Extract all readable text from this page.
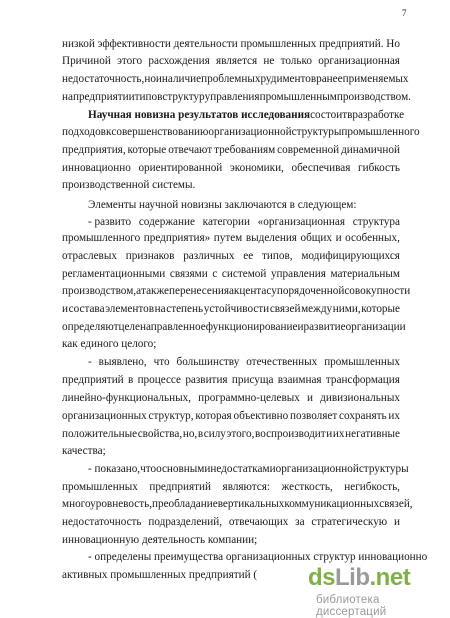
7
низкой эффективности деятельности промышленных предприятий. Но
Причиной этого расхождения является не только организационная
недостаточность, но и наличие проблемных рудиментов ранее применяемых
на предприятии типов структур управления промышленным производством.
Научная новизна результатов исследования состоит в разработке
подходов к совершенствованию организационной структуры промышленного
предприятия, которые отвечают требованиям современной динамичной
инновационно ориентированной экономики, обеспечивая гибкость
производственной системы.
Элементы научной новизны заключаются в следующем:
- развито содержание категории «организационная структура
промышленного предприятия» путем выделения общих и особенных,
отраслевых признаков различных ее типов, модифицирующихся
регламентационными связями с системой управления материальным
производством, а также перенесения акцента с упорядоченной совокупности
и состава элементов на степень устойчивости связей между ними, которые
определяют целенаправленное функционирование и развитие организации
как единого целого;
- выявлено, что большинству отечественных промышленных
предприятий в процессе развития присуща взаимная трансформация
линейно-функциональных, программно-целевых и дивизиональных
организационных структур, которая объективно позволяет сохранять их
положительные свойства, но, в силу этого, воспроизводит и их негативные
качества;
- показано, что основными недостатками организационной структуры
промышленных предприятий являются: жесткость, негибкость,
многоуровневость, преобладание вертикальных коммуникационных связей,
недостаточность подразделений, отвечающих за стратегическую и
инновационную деятельность компании;
- определены преимущества организационных структур инновационно
активных промышленных предприятий ( dsLib.net
библиотека диссертаций
